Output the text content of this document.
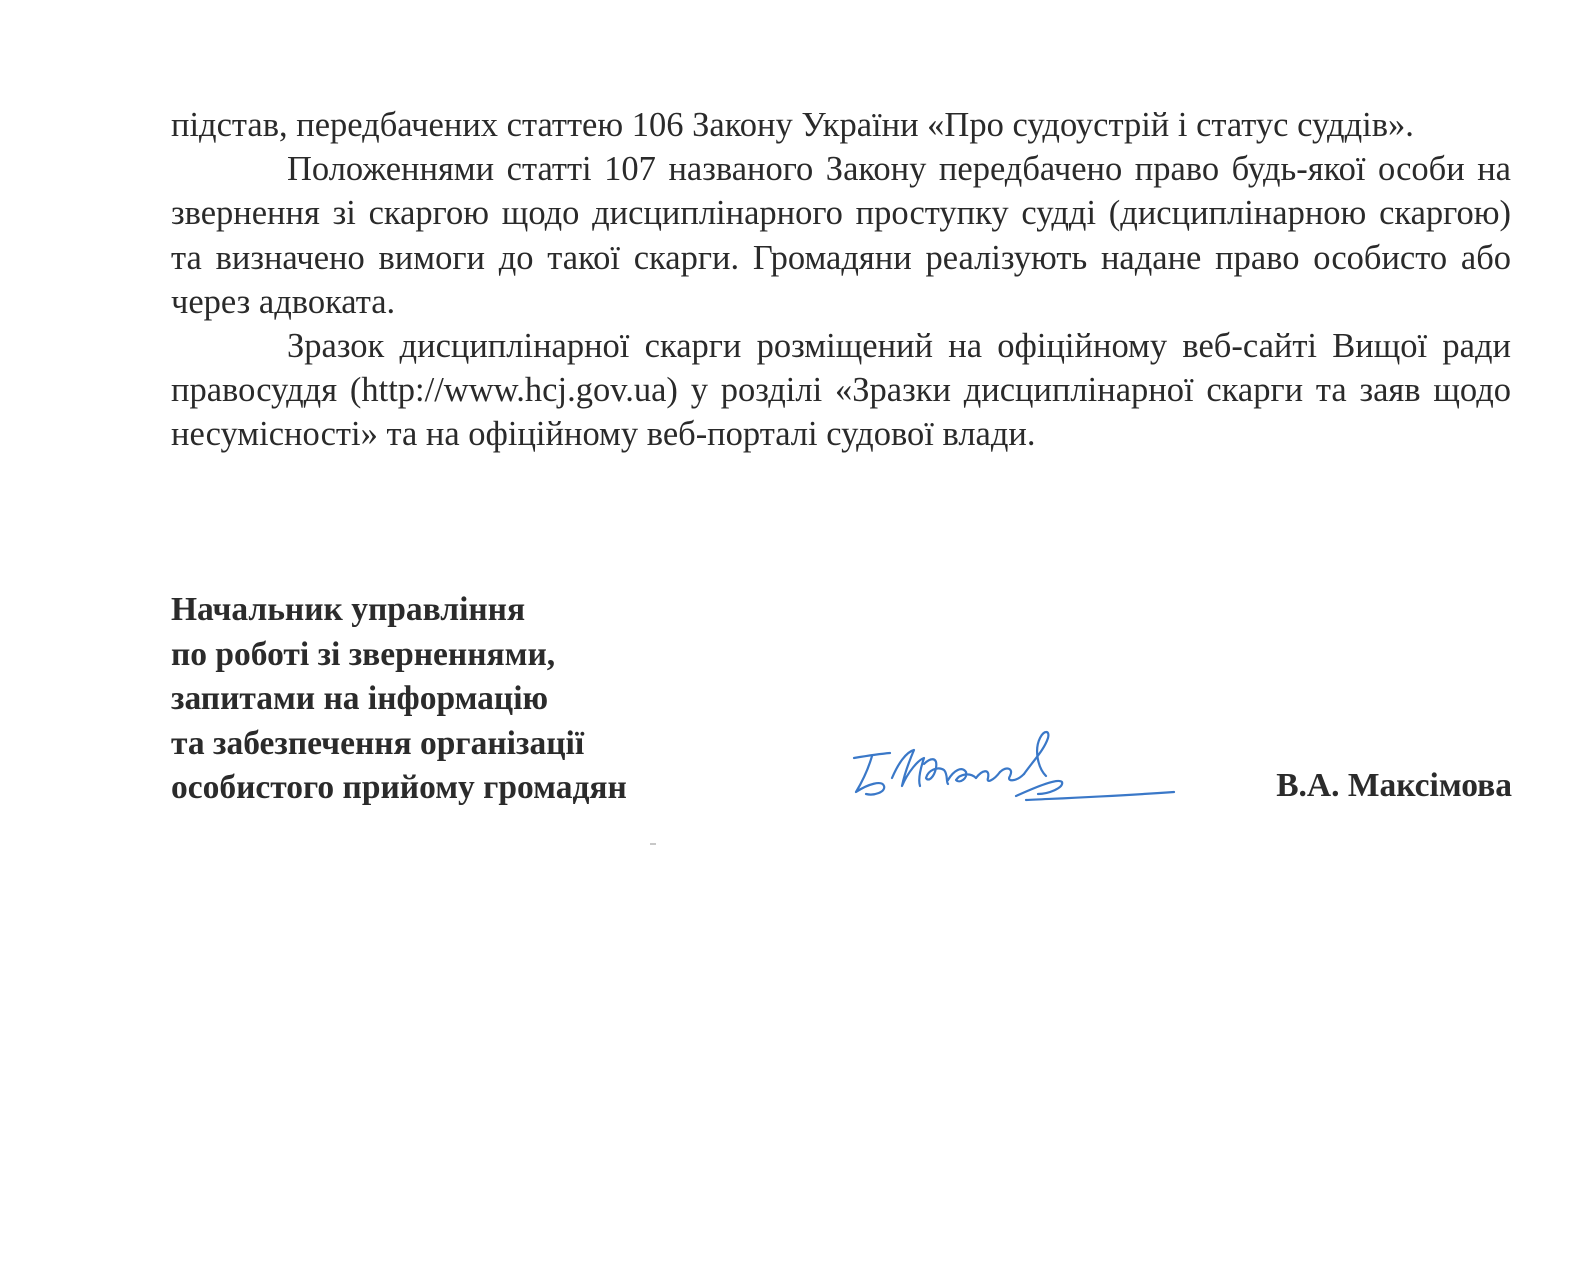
підстав, передбачених статтею 106 Закону України «Про судоустрій і статус суддів».

Положеннями статті 107 названого Закону передбачено право будь-якої особи на звернення зі скаргою щодо дисциплінарного проступку судді (дисциплінарною скаргою) та визначено вимоги до такої скарги. Громадяни реалізують надане право особисто або через адвоката.

Зразок дисциплінарної скарги розміщений на офіційному веб-сайті Вищої ради правосуддя (http://www.hcj.gov.ua) у розділі «Зразки дисциплінарної скарги та заяв щодо несумісності» та на офіційному веб-порталі судової влади.

Начальник управління
по роботі зі зверненнями,
запитами на інформацію
та забезпечення організації
особистого прийому громадян	В.А. Максімова
